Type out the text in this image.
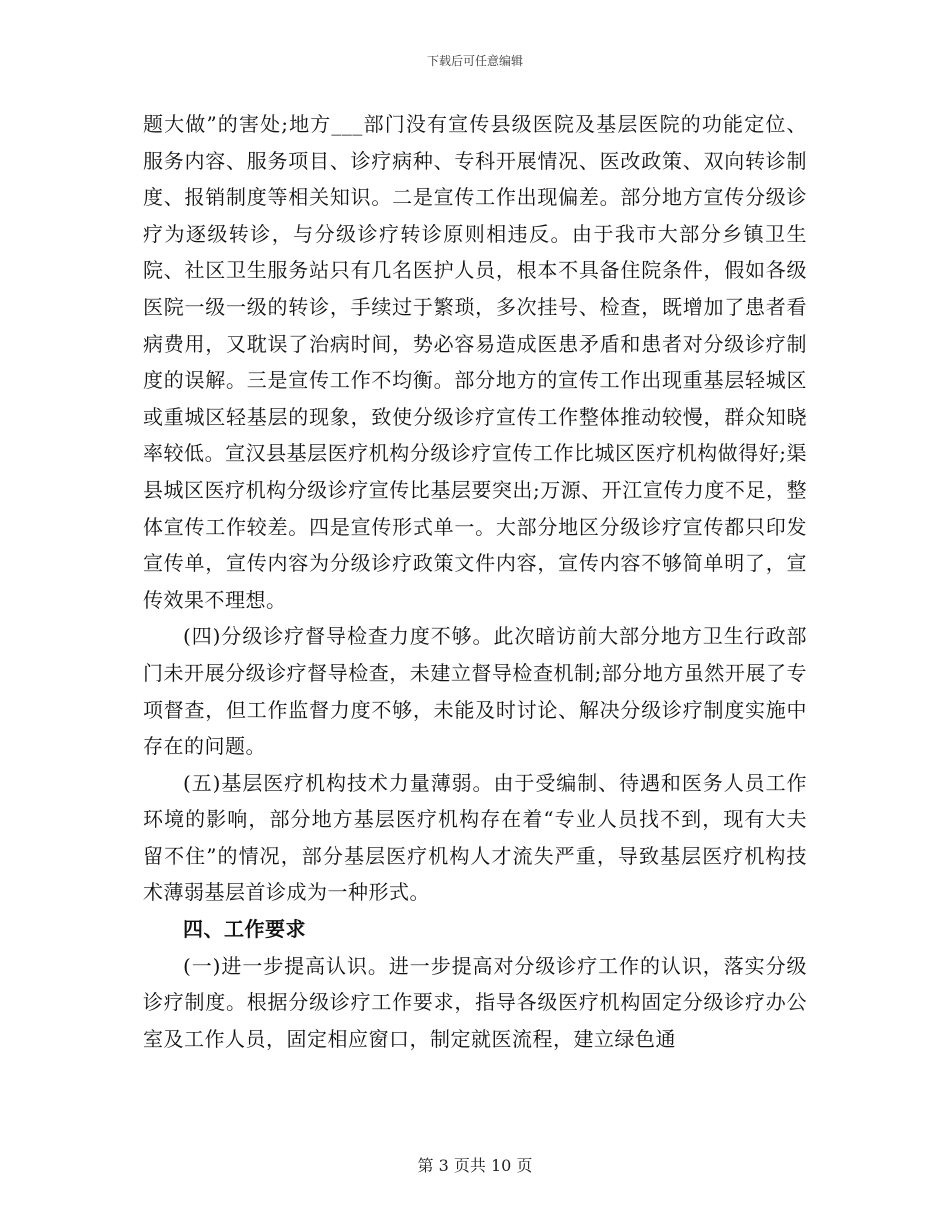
下载后可任意编辑

题大做”的害处;地方___部门没有宣传县级医院及基层医院的功能定位、服务内容、服务项目、诊疗病种、专科开展情况、医改政策、双向转诊制度、报销制度等相关知识。二是宣传工作出现偏差。部分地方宣传分级诊疗为逐级转诊，与分级诊疗转诊原则相违反。由于我市大部分乡镇卫生院、社区卫生服务站只有几名医护人员，根本不具备住院条件，假如各级医院一级一级的转诊，手续过于繁琐，多次挂号、检查，既增加了患者看病费用，又耽误了治病时间，势必容易造成医患矛盾和患者对分级诊疗制度的误解。三是宣传工作不均衡。部分地方的宣传工作出现重基层轻城区或重城区轻基层的现象，致使分级诊疗宣传工作整体推动较慢，群众知晓率较低。宣汉县基层医疗机构分级诊疗宣传工作比城区医疗机构做得好;渠县城区医疗机构分级诊疗宣传比基层要突出;万源、开江宣传力度不足，整体宣传工作较差。四是宣传形式单一。大部分地区分级诊疗宣传都只印发宣传单，宣传内容为分级诊疗政策文件内容，宣传内容不够简单明了，宣传效果不理想。

(四)分级诊疗督导检查力度不够。此次暗访前大部分地方卫生行政部门未开展分级诊疗督导检查，未建立督导检查机制;部分地方虽然开展了专项督查，但工作监督力度不够，未能及时讨论、解决分级诊疗制度实施中存在的问题。

(五)基层医疗机构技术力量薄弱。由于受编制、待遇和医务人员工作环境的影响，部分地方基层医疗机构存在着“专业人员找不到，现有大夫留不住”的情况，部分基层医疗机构人才流失严重，导致基层医疗机构技术薄弱基层首诊成为一种形式。

四、工作要求

(一)进一步提高认识。进一步提高对分级诊疗工作的认识，落实分级诊疗制度。根据分级诊疗工作要求，指导各级医疗机构固定分级诊疗办公室及工作人员，固定相应窗口，制定就医流程，建立绿色通

第 3 页共 10 页
